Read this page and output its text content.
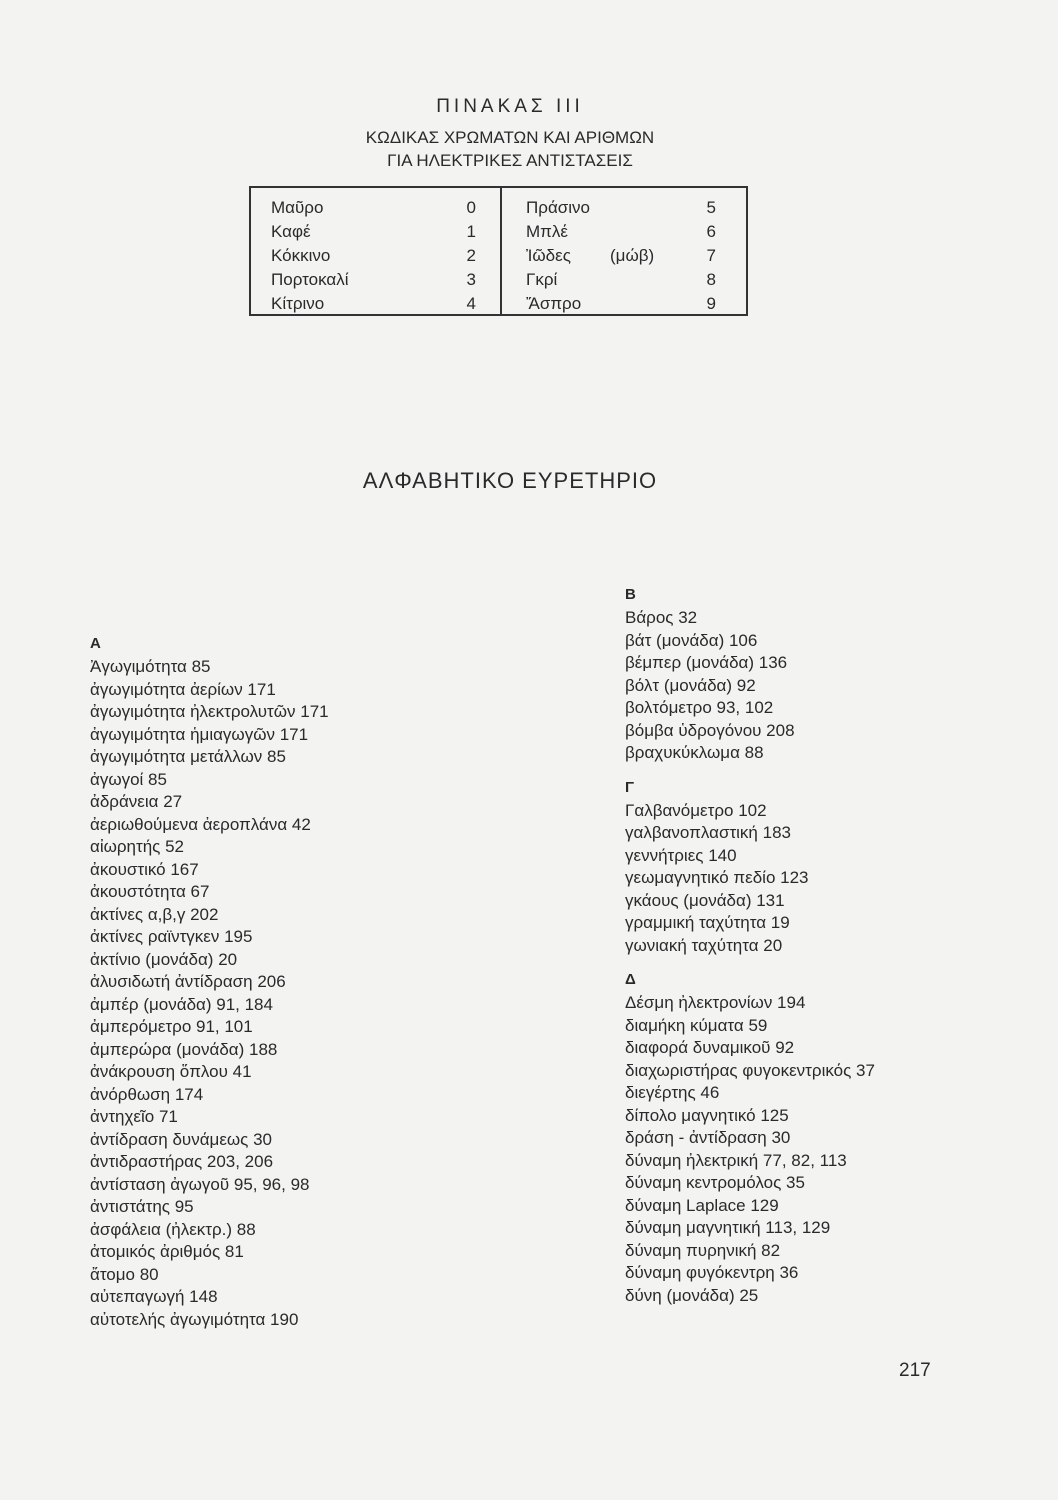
ΠΙΝΑΚΑΣ ΙΙΙ
ΚΩΔΙΚΑΣ ΧΡΩΜΑΤΩΝ ΚΑΙ ΑΡΙΘΜΩΝ
ΓΙΑ ΗΛΕΚΤΡΙΚΕΣ ΑΝΤΙΣΤΑΣΕΙΣ
Μαῦρο	0
Καφέ	1
Κόκκινο	2
Πορτοκαλί	3
Κίτρινο	4
Πράσινο	5
Μπλέ	6
Ἰῶδες (μώβ)	7
Γκρί	8
Ἄσπρο	9
ΑΛΦΑΒΗΤΙΚΟ ΕΥΡΕΤΗΡΙΟ
Α
Ἀγωγιμότητα 85
ἀγωγιμότητα ἀερίων 171
ἀγωγιμότητα ἠλεκτρολυτῶν 171
ἀγωγιμότητα ἡμιαγωγῶν 171
ἀγωγιμότητα μετάλλων 85
ἀγωγοί 85
ἀδράνεια 27
ἀεριωθούμενα ἀεροπλάνα 42
αἰωρητής 52
ἀκουστικό 167
ἀκουστότητα 67
ἀκτίνες α,β,γ 202
ἀκτίνες ραϊντγκεν 195
ἀκτίνιο (μονάδα) 20
ἀλυσιδωτή ἀντίδραση 206
ἀμπέρ (μονάδα) 91, 184
ἀμπερόμετρο 91, 101
ἀμπερώρα (μονάδα) 188
ἀνάκρουση ὅπλου 41
ἀνόρθωση 174
ἀντηχεῖο 71
ἀντίδραση δυνάμεως 30
ἀντιδραστήρας 203, 206
ἀντίσταση ἀγωγοῦ 95, 96, 98
ἀντιστάτης 95
ἀσφάλεια (ἠλεκτρ.) 88
ἀτομικός ἀριθμός 81
ἄτομο 80
αὐτεπαγωγή 148
αὐτοτελής ἀγωγιμότητα 190
Β
Βάρος 32
βάτ (μονάδα) 106
βέμπερ (μονάδα) 136
βόλτ (μονάδα) 92
βολτόμετρο 93, 102
βόμβα ὑδρογόνου 208
βραχυκύκλωμα 88
Γ
Γαλβανόμετρο 102
γαλβανοπλαστική 183
γεννήτριες 140
γεωμαγνητικό πεδίο 123
γκάους (μονάδα) 131
γραμμική ταχύτητα 19
γωνιακή ταχύτητα 20
Δ
Δέσμη ἠλεκτρονίων 194
διαμήκη κύματα 59
διαφορά δυναμικοῦ 92
διαχωριστήρας φυγοκεντρικός 37
διεγέρτης 46
δίπολο μαγνητικό 125
δράση - ἀντίδραση 30
δύναμη ἠλεκτρική 77, 82, 113
δύναμη κεντρομόλος 35
δύναμη Laplace 129
δύναμη μαγνητική 113, 129
δύναμη πυρηνική 82
δύναμη φυγόκεντρη 36
δύνη (μονάδα) 25
217
